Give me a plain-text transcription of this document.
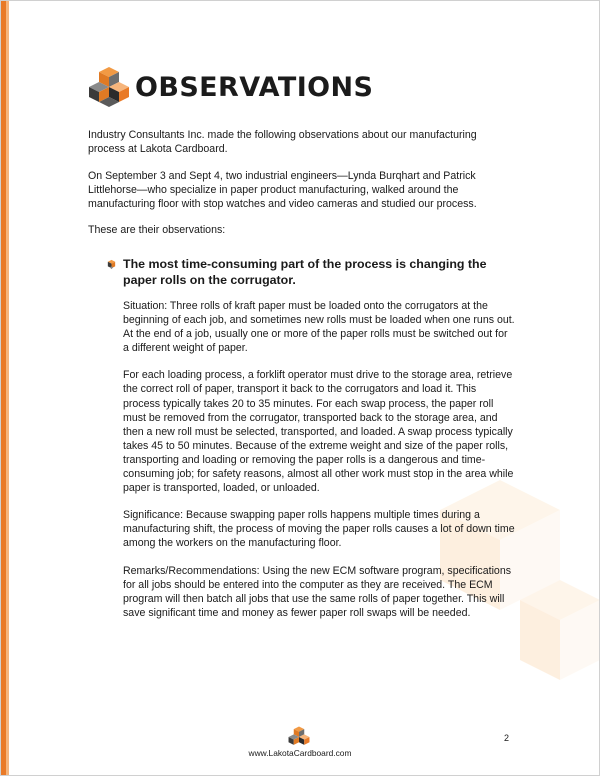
OBSERVATIONS

Industry Consultants Inc. made the following observations about our manufacturing process at Lakota Cardboard.

On September 3 and Sept 4, two industrial engineers—Lynda Burqhart and Patrick Littlehorse—who specialize in paper product manufacturing, walked around the manufacturing floor with stop watches and video cameras and studied our process.

These are their observations:

The most time-consuming part of the process is changing the paper rolls on the corrugator.

Situation: Three rolls of kraft paper must be loaded onto the corrugators at the beginning of each job, and sometimes new rolls must be loaded when one runs out. At the end of a job, usually one or more of the paper rolls must be switched out for a different weight of paper.

For each loading process, a forklift operator must drive to the storage area, retrieve the correct roll of paper, transport it back to the corrugators and load it. This process typically takes 20 to 35 minutes. For each swap process, the paper roll must be removed from the corrugator, transported back to the storage area, and then a new roll must be selected, transported, and loaded. A swap process typically takes 45 to 50 minutes. Because of the extreme weight and size of the paper rolls, transporting and loading or removing the paper rolls is a dangerous and time-consuming job; for safety reasons, almost all other work must stop in the area while paper is transported, loaded, or unloaded.

Significance: Because swapping paper rolls happens multiple times during a manufacturing shift, the process of moving the paper rolls causes a lot of down time among the workers on the manufacturing floor.

Remarks/Recommendations: Using the new ECM software program, specifications for all jobs should be entered into the computer as they are received. The ECM program will then batch all jobs that use the same rolls of paper together. This will save significant time and money as fewer paper roll swaps will be needed.

www.LakotaCardboard.com
2
